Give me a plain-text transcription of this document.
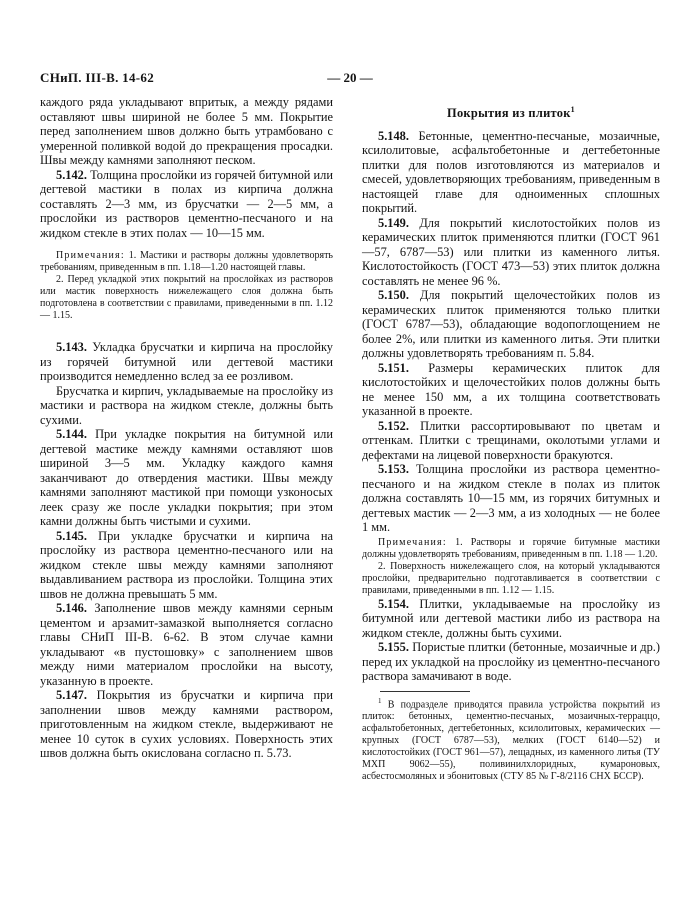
СНиП. III-В. 14-62	— 20 —

каждого ряда укладывают впритык, а между рядами оставляют швы шириной не более 5 мм. Покрытие перед заполнением швов должно быть утрамбовано с умеренной поливкой водой до прекращения просадки. Швы между камнями заполняют песком.

5.142. Толщина прослойки из горячей битумной или дегтевой мастики в полах из кирпича должна составлять 2—3 мм, из брусчатки — 2—5 мм, а прослойки из растворов цементно-песчаного и на жидком стекле в этих полах — 10—15 мм.

Примечания: 1. Мастики и растворы должны удовлетворять требованиям, приведенным в пп. 1.18—1.20 настоящей главы.

2. Перед укладкой этих покрытий на прослойках из растворов или мастик поверхность нижележащего слоя должна быть подготовлена в соответствии с правилами, приведенными в пп. 1.12 — 1.15.

5.143. Укладка брусчатки и кирпича на прослойку из горячей битумной или дегтевой мастики производится немедленно вслед за ее розливом.

Брусчатка и кирпич, укладываемые на прослойку из мастики и раствора на жидком стекле, должны быть сухими.

5.144. При укладке покрытия на битумной или дегтевой мастике между камнями оставляют шов шириной 3—5 мм. Укладку каждого камня заканчивают до отвердения мастики. Швы между камнями заполняют мастикой при помощи узконосых леек сразу же после укладки покрытия; при этом камни должны быть чистыми и сухими.

5.145. При укладке брусчатки и кирпича на прослойку из раствора цементно-песчаного или на жидком стекле швы между камнями заполняют выдавливанием раствора из прослойки. Толщина этих швов не должна превышать 5 мм.

5.146. Заполнение швов между камнями серным цементом и арзамит-замазкой выполняется согласно главы СНиП III-В. 6-62. В этом случае камни укладывают «в пустошовку» с заполнением швов между ними материалом прослойки на высоту, указанную в проекте.

5.147. Покрытия из брусчатки и кирпича при заполнении швов между камнями раствором, приготовленным на жидком стекле, выдерживают не менее 10 суток в сухих условиях. Поверхность этих швов должна быть окислована согласно п. 5.73.

Покрытия из плиток$^1$

5.148. Бетонные, цементно-песчаные, мозаичные, ксилолитовые, асфальтобетонные и дегтебетонные плитки для полов изготовляются из материалов и смесей, удовлетворяющих требованиям, приведенным в настоящей главе для одноименных сплошных покрытий.

5.149. Для покрытий кислотостойких полов из керамических плиток применяются плитки (ГОСТ 961—57, 6787—53) или плитки из каменного литья. Кислотостойкость (ГОСТ 473—53) этих плиток должна составлять не менее 96 %.

5.150. Для покрытий щелочестойких полов из керамических плиток применяются только плитки (ГОСТ 6787—53), обладающие водопоглощением не более 2%, или плитки из каменного литья. Эти плитки должны удовлетворять требованиям п. 5.84.

5.151. Размеры керамических плиток для кислотостойких и щелочестойких полов должны быть не менее 150 мм, а их толщина соответствовать указанной в проекте.

5.152. Плитки рассортировывают по цветам и оттенкам. Плитки с трещинами, околотыми углами и дефектами на лицевой поверхности бракуются.

5.153. Толщина прослойки из раствора цементно-песчаного и на жидком стекле в полах из плиток должна составлять 10—15 мм, из горячих битумных и дегтевых мастик — 2—3 мм, а из холодных — не более 1 мм.

Примечания: 1. Растворы и горячие битумные мастики должны удовлетворять требованиям, приведенным в пп. 1.18 — 1.20.

2. Поверхность нижележащего слоя, на который укладываются прослойки, предварительно подготавливается в соответствии с правилами, приведенными в пп. 1.12 — 1.15.

5.154. Плитки, укладываемые на прослойку из битумной или дегтевой мастики либо из раствора на жидком стекле, должны быть сухими.

5.155. Пористые плитки (бетонные, мозаичные и др.) перед их укладкой на прослойку из цементно-песчаного раствора замачивают в воде.

$^1$ В подразделе приводятся правила устройства покрытий из плиток: бетонных, цементно-песчаных, мозаичных-терраццо, асфальтобетонных, дегтебетонных, ксилолитовых, керамических — крупных (ГОСТ 6787—53), мелких (ГОСТ 6140—52) и кислотостойких (ГОСТ 961—57), лещадных, из каменного литья (ТУ МХП 9062—55), поливинилхлоридных, кумароновых, асбестосмоляных и эбонитовых (СТУ 85 № Г-8/2116 СНХ БССР).
